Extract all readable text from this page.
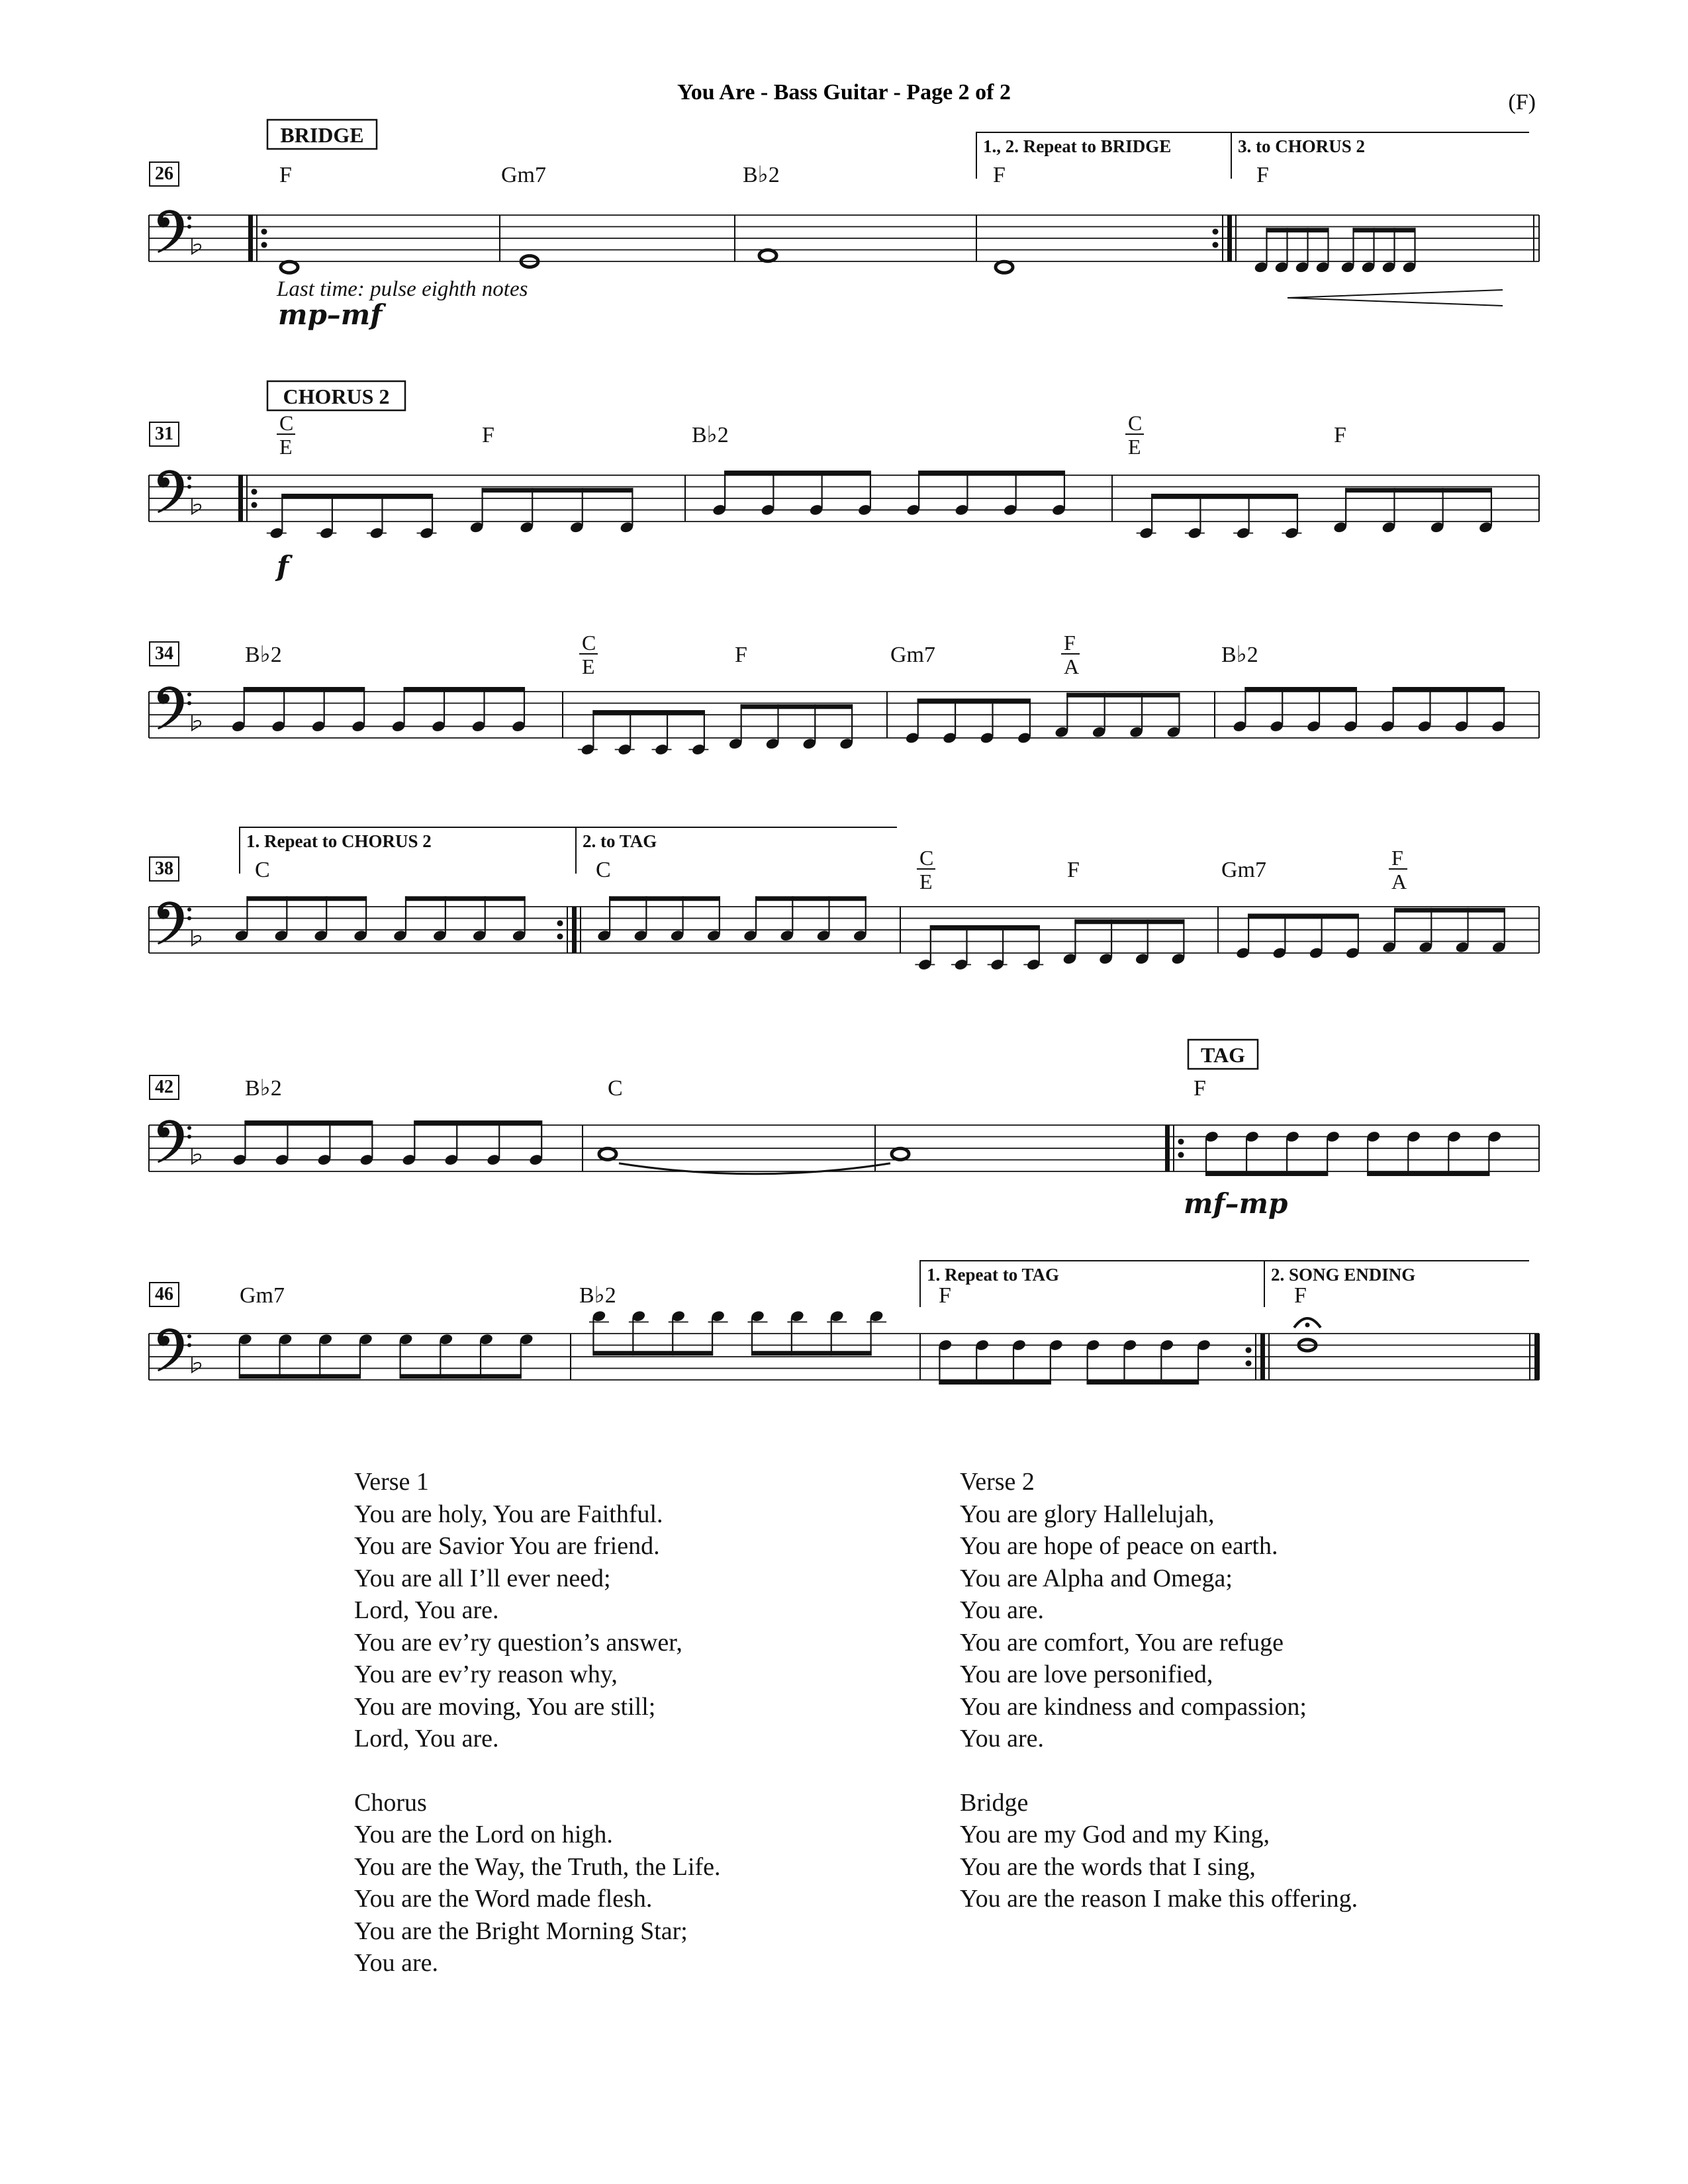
You Are - Bass Guitar - Page 2 of 2	(F)
26
BRIDGE
F	Gm7	B♭2	F	F
1., 2. Repeat to BRIDGE	3. to CHORUS 2
Last time: pulse eighth notes
mp–mf
31
CHORUS 2
C
E	F	B♭2	C
E	F
f
34	B♭2	C
E	F	Gm7	F
A	B♭2
38	C	C	C
E	F	Gm7	F
A
1. Repeat to CHORUS 2	2. to TAG
42
TAG
B♭2	C	F
mf–mp
46	Gm7	B♭2	F	F
1. Repeat to TAG	2. SONG ENDING
Verse 1
You are holy, You are Faithful.
You are Savior You are friend.
You are all I’ll ever need;
Lord, You are.
You are ev’ry question’s answer,
You are ev’ry reason why,
You are moving, You are still;
Lord, You are.
Chorus
You are the Lord on high.
You are the Way, the Truth, the Life.
You are the Word made flesh.
You are the Bright Morning Star;
You are.
Verse 2
You are glory Hallelujah,
You are hope of peace on earth.
You are Alpha and Omega;
You are.
You are comfort, You are refuge
You are love personified,
You are kindness and compassion;
You are.
Bridge
You are my God and my King,
You are the words that I sing,
You are the reason I make this offering.
